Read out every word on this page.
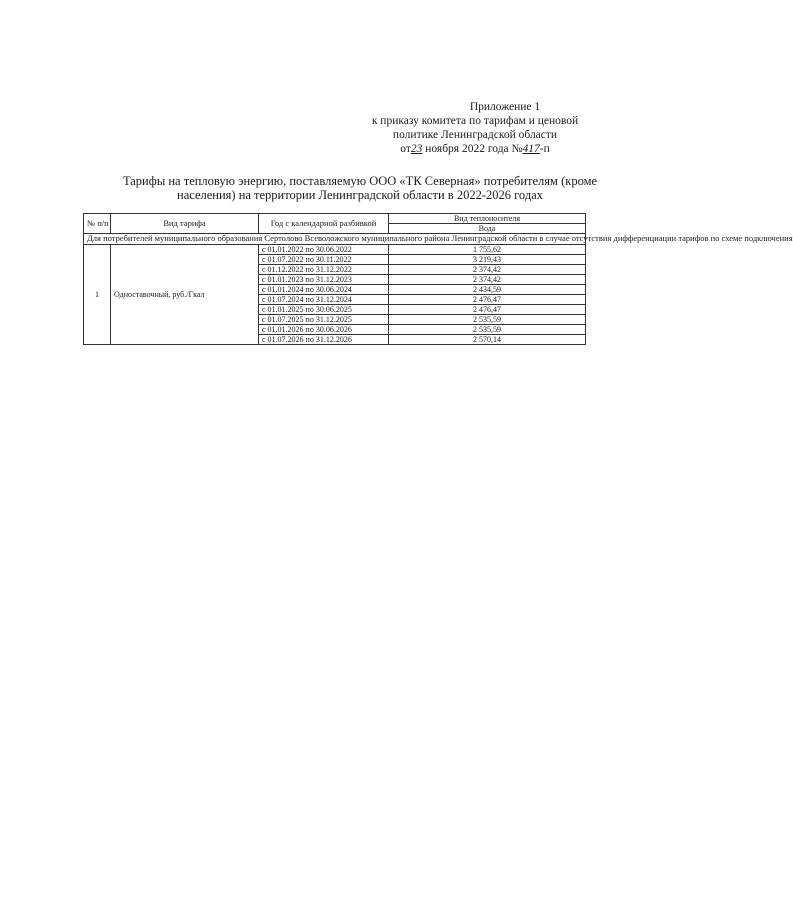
Приложение 1
к приказу комитета по тарифам и ценовой
политике Ленинградской области
от23 ноября 2022 года №417-п
Тарифы на тепловую энергию, поставляемую ООО «ТК Северная» потребителям (кроме
населения) на территории Ленинградской области в 2022-2026 годах
№ п/п	Вид тарифа	Год с календарной разбивкой	Вид теплоносителя
			Вода
Для потребителей муниципального образования Сертолово Всеволожского муниципального района Ленинградской области в случае отсутствия дифференциации тарифов по схеме подключения			
1	Одноставочный, руб./Гкал	с 01.01.2022 по 30.06.2022	1 755,62
		с 01.07.2022 по 30.11.2022	3 219,43
		с 01.12.2022 по 31.12.2022	2 374,42
		с 01.01.2023 по 31.12.2023	2 374,42
		с 01.01.2024 по 30.06.2024	2 434,59
		с 01.07.2024 по 31.12.2024	2 476,47
		с 01.01.2025 по 30.06.2025	2 476,47
		с 01.07.2025 по 31.12.2025	2 535,59
		с 01.01.2026 по 30.06.2026	2 535,59
		с 01.07.2026 по 31.12.2026	2 570,14
